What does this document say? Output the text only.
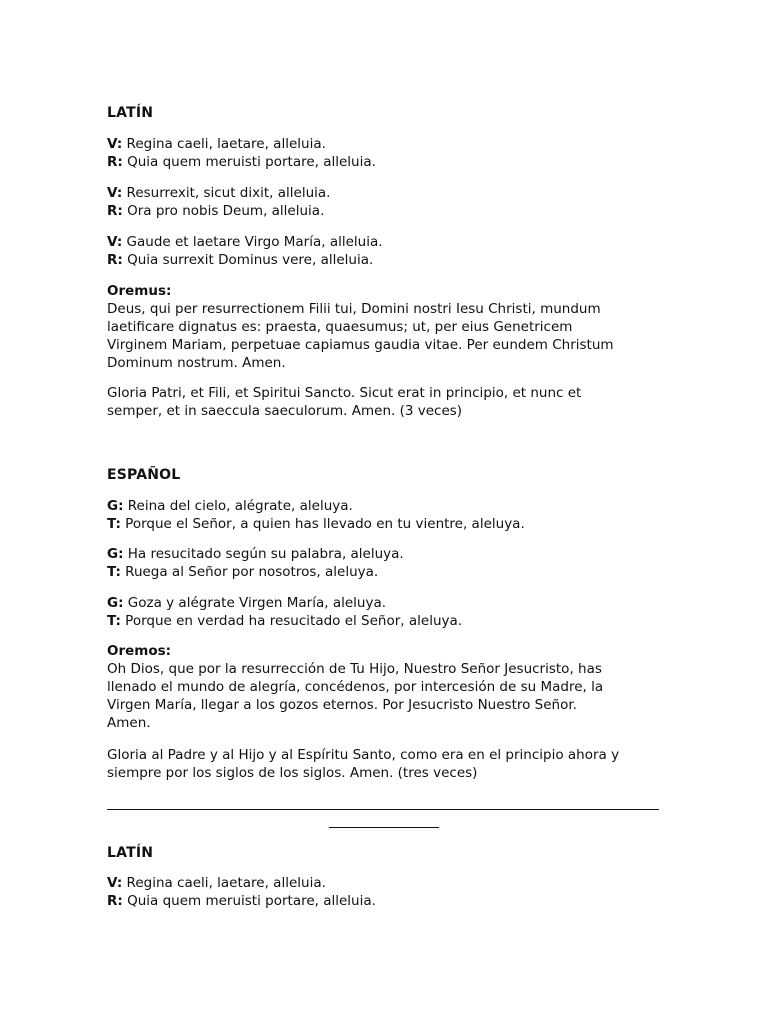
LATÍN

V: Regina caeli, laetare, alleluia.

R: Quia quem meruisti portare, alleluia.

V: Resurrexit, sicut dixit, alleluia.

R: Ora pro nobis Deum, alleluia.

V: Gaude et laetare Virgo María, alleluia.

R: Quia surrexit Dominus vere, alleluia.

Oremus:

Deus, qui per resurrectionem Filii tui, Domini nostri Iesu Christi, mundum

laetificare dignatus es: praesta, quaesumus; ut, per eius Genetricem

Virginem Mariam, perpetuae capiamus gaudia vitae. Per eundem Christum

Dominum nostrum. Amen.

Gloria Patri, et Fili, et Spiritui Sancto. Sicut erat in principio, et nunc et

semper, et in saeccula saeculorum. Amen. (3 veces)

ESPAÑOL

G: Reina del cielo, alégrate, aleluya.

T: Porque el Señor, a quien has llevado en tu vientre, aleluya.

G: Ha resucitado según su palabra, aleluya.

T: Ruega al Señor por nosotros, aleluya.

G: Goza y alégrate Virgen María, aleluya.

T: Porque en verdad ha resucitado el Señor, aleluya.

Oremos:

Oh Dios, que por la resurrección de Tu Hijo, Nuestro Señor Jesucristo, has

llenado el mundo de alegría, concédenos, por intercesión de su Madre, la

Virgen María, llegar a los gozos eternos. Por Jesucristo Nuestro Señor.

Amen.

Gloria al Padre y al Hijo y al Espíritu Santo, como era en el principio ahora y

siempre por los siglos de los siglos. Amen. (tres veces)

LATÍN

V: Regina caeli, laetare, alleluia.

R: Quia quem meruisti portare, alleluia.
